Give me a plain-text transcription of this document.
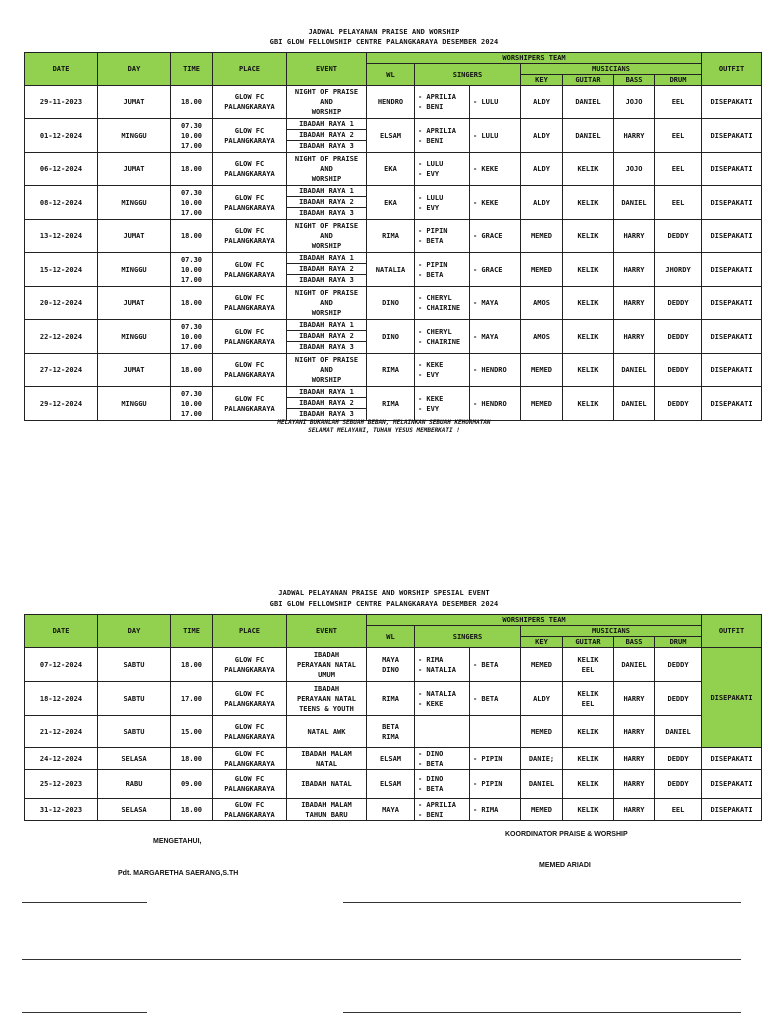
JADWAL PELAYANAN PRAISE AND WORSHIP
GBI GLOW FELLOWSHIP CENTRE PALANGKARAYA DESEMBER 2024
DATE	DAY	TIME	PLACE	EVENT	WORSHIPERS TEAM							OUTFIT
					WL	SINGERS		MUSICIANS				
								KEY	GUITAR	BASS	DRUM	
29-11-2023	JUMAT	18.00	GLOW FC
PALANGKARAYA	NIGHT OF PRAISE
AND
WORSHIP	HENDRO	- APRILIA
- BENI	- LULU	ALDY	DANIEL	JOJO	EEL	DISEPAKATI
01-12-2024	MINGGU	07.30
10.00
17.00	GLOW FC
PALANGKARAYA	IBADAH RAYA 1
IBADAH RAYA 2
IBADAH RAYA 3	ELSAM	- APRILIA
- BENI	- LULU	ALDY	DANIEL	HARRY	EEL	DISEPAKATI
06-12-2024	JUMAT	18.00	GLOW FC
PALANGKARAYA	NIGHT OF PRAISE
AND
WORSHIP	EKA	- LULU
- EVY	- KEKE	ALDY	KELIK	JOJO	EEL	DISEPAKATI
08-12-2024	MINGGU	07.30
10.00
17.00	GLOW FC
PALANGKARAYA	IBADAH RAYA 1
IBADAH RAYA 2
IBADAH RAYA 3	EKA	- LULU
- EVY	- KEKE	ALDY	KELIK	DANIEL	EEL	DISEPAKATI
13-12-2024	JUMAT	18.00	GLOW FC
PALANGKARAYA	NIGHT OF PRAISE
AND
WORSHIP	RIMA	- PIPIN
- BETA	- GRACE	MEMED	KELIK	HARRY	DEDDY	DISEPAKATI
15-12-2024	MINGGU	07.30
10.00
17.00	GLOW FC
PALANGKARAYA	IBADAH RAYA 1
IBADAH RAYA 2
IBADAH RAYA 3	NATALIA	- PIPIN
- BETA	- GRACE	MEMED	KELIK	HARRY	JHORDY	DISEPAKATI
20-12-2024	JUMAT	18.00	GLOW FC
PALANGKARAYA	NIGHT OF PRAISE
AND
WORSHIP	DINO	- CHERYL
- CHAIRINE	- MAYA	AMOS	KELIK	HARRY	DEDDY	DISEPAKATI
22-12-2024	MINGGU	07.30
10.00
17.00	GLOW FC
PALANGKARAYA	IBADAH RAYA 1
IBADAH RAYA 2
IBADAH RAYA 3	DINO	- CHERYL
- CHAIRINE	- MAYA	AMOS	KELIK	HARRY	DEDDY	DISEPAKATI
27-12-2024	JUMAT	18.00	GLOW FC
PALANGKARAYA	NIGHT OF PRAISE
AND
WORSHIP	RIMA	- KEKE
- EVY	- HENDRO	MEMED	KELIK	DANIEL	DEDDY	DISEPAKATI
29-12-2024	MINGGU	07.30
10.00
17.00	GLOW FC
PALANGKARAYA	IBADAH RAYA 1
IBADAH RAYA 2
IBADAH RAYA 3	RIMA	- KEKE
- EVY	- HENDRO	MEMED	KELIK	DANIEL	DEDDY	DISEPAKATI
MELAYANI BUKANLAH SEBUAH BEBAN, MELAINKAN SEBUAH KEHORMATAN
SELAMAT MELAYANI, TUHAN YESUS MEMBERKATI !
JADWAL PELAYANAN PRAISE AND WORSHIP SPESIAL EVENT
GBI GLOW FELLOWSHIP CENTRE PALANGKARAYA DESEMBER 2024
DATE	DAY	TIME	PLACE	EVENT	WORSHIPERS TEAM							OUTFIT
					WL	SINGERS		MUSICIANS				
								KEY	GUITAR	BASS	DRUM	
07-12-2024	SABTU	18.00	GLOW FC
PALANGKARAYA	IBADAH
PERAYAAN NATAL
UMUM	MAYA
DINO	- RIMA
- NATALIA	- BETA	MEMED	KELIK
EEL	DANIEL	DEDDY	DISEPAKATI
18-12-2024	SABTU	17.00	GLOW FC
PALANGKARAYA	IBADAH
PERAYAAN NATAL
TEENS & YOUTH	RIMA	- NATALIA
- KEKE	- BETA	ALDY	KELIK
EEL	HARRY	DEDDY	
21-12-2024	SABTU	15.00	GLOW FC
PALANGKARAYA	NATAL AWK	BETA
RIMA			MEMED	KELIK	HARRY	DANIEL	
24-12-2024	SELASA	18.00	GLOW FC
PALANGKARAYA	IBADAH MALAM
NATAL	ELSAM	- DINO
- BETA	- PIPIN	DANIE;	KELIK	HARRY	DEDDY	DISEPAKATI
25-12-2023	RABU	09.00	GLOW FC
PALANGKARAYA	IBADAH NATAL	ELSAM	- DINO
- BETA	- PIPIN	DANIEL	KELIK	HARRY	DEDDY	DISEPAKATI
31-12-2023	SELASA	18.00	GLOW FC
PALANGKARAYA	IBADAH MALAM
TAHUN BARU	MAYA	- APRILIA
- BENI	- RIMA	MEMED	KELIK	HARRY	EEL	DISEPAKATI
MENGETAHUI,
Pdt. MARGARETHA SAERANG,S.TH
KOORDINATOR PRAISE & WORSHIP
MEMED ARIADI
